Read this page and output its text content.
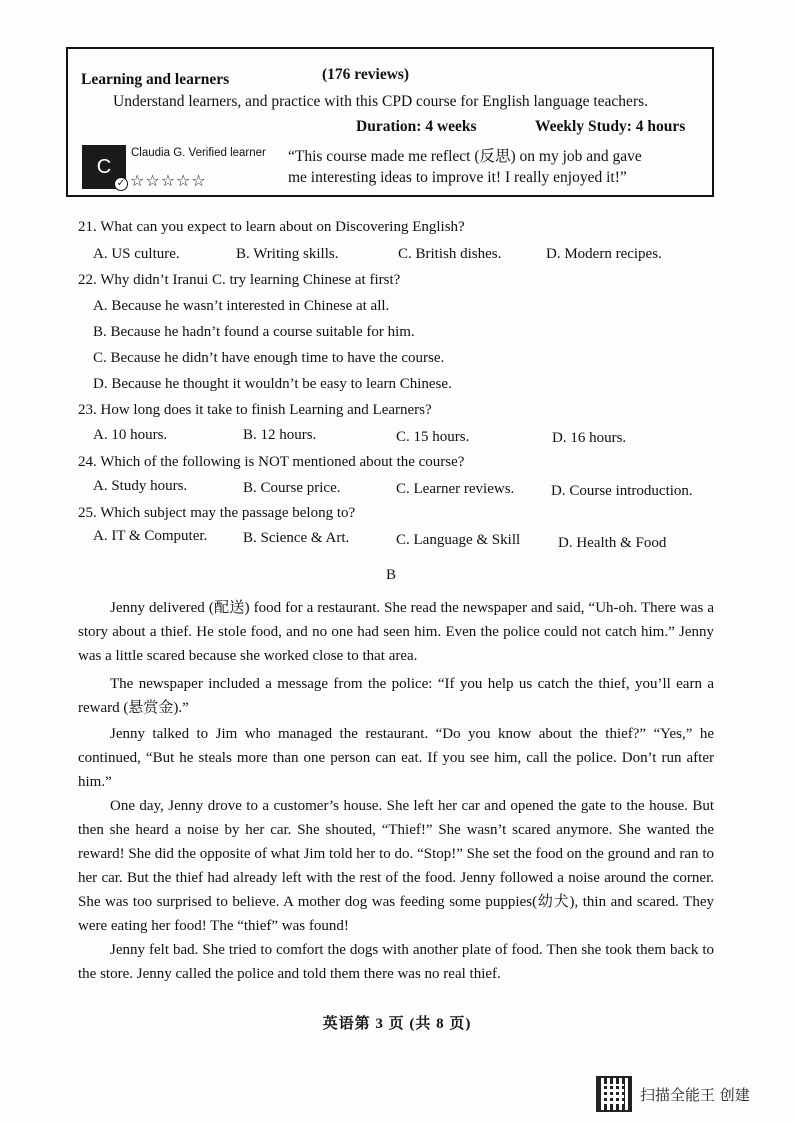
Learning and learners	(176 reviews)
Understand learners, and practice with this CPD course for English language teachers.
Duration: 4 weeks	Weekly Study: 4 hours
C
✓
Claudia G. Verified learner
☆☆☆☆☆
“This course made me reflect (反思) on my job and gave
me interesting ideas to improve it! I really enjoyed it!”
21. What can you expect to learn about on Discovering English?
A. US culture.	B. Writing skills.	C. British dishes.	D. Modern recipes.
22. Why didn’t Iranui C. try learning Chinese at first?
A. Because he wasn’t interested in Chinese at all.
B. Because he hadn’t found a course suitable for him.
C. Because he didn’t have enough time to have the course.
D. Because he thought it wouldn’t be easy to learn Chinese.
23. How long does it take to finish Learning and Learners?
A. 10 hours.	B. 12 hours.	C. 15 hours.	D. 16 hours.
24. Which of the following is NOT mentioned about the course?
A. Study hours.	B. Course price.	C. Learner reviews. D. Course introduction.
25. Which subject may the passage belong to?
A. IT & Computer. B. Science & Art.	C. Language & Skill	D. Health & Food
B
Jenny delivered (配送) food for a restaurant. She read the newspaper and said, “Uh-oh. There was a story about a thief. He stole food, and no one had seen him. Even the police could not catch him.” Jenny was a little scared because she worked close to that area.
The newspaper included a message from the police: “If you help us catch the thief, you’ll earn a reward (悬赏金).”
Jenny talked to Jim who managed the restaurant. “Do you know about the thief?” “Yes,” he continued, “But he steals more than one person can eat. If you see him, call the police. Don’t run after him.”
One day, Jenny drove to a customer’s house. She left her car and opened the gate to the house. But then she heard a noise by her car. She shouted, “Thief!” She wasn’t scared anymore. She wanted the reward! She did the opposite of what Jim told her to do. “Stop!” She set the food on the ground and ran to her car. But the thief had already left with the rest of the food. Jenny followed a noise around the corner. She was too surprised to believe. A mother dog was feeding some puppies(幼犬), thin and scared. They were eating her food! The “thief” was found!
Jenny felt bad. She tried to comfort the dogs with another plate of food. Then she took them back to the store. Jenny called the police and told them there was no real thief.
英语第 3 页 (共 8 页)
扫描全能王 创建
